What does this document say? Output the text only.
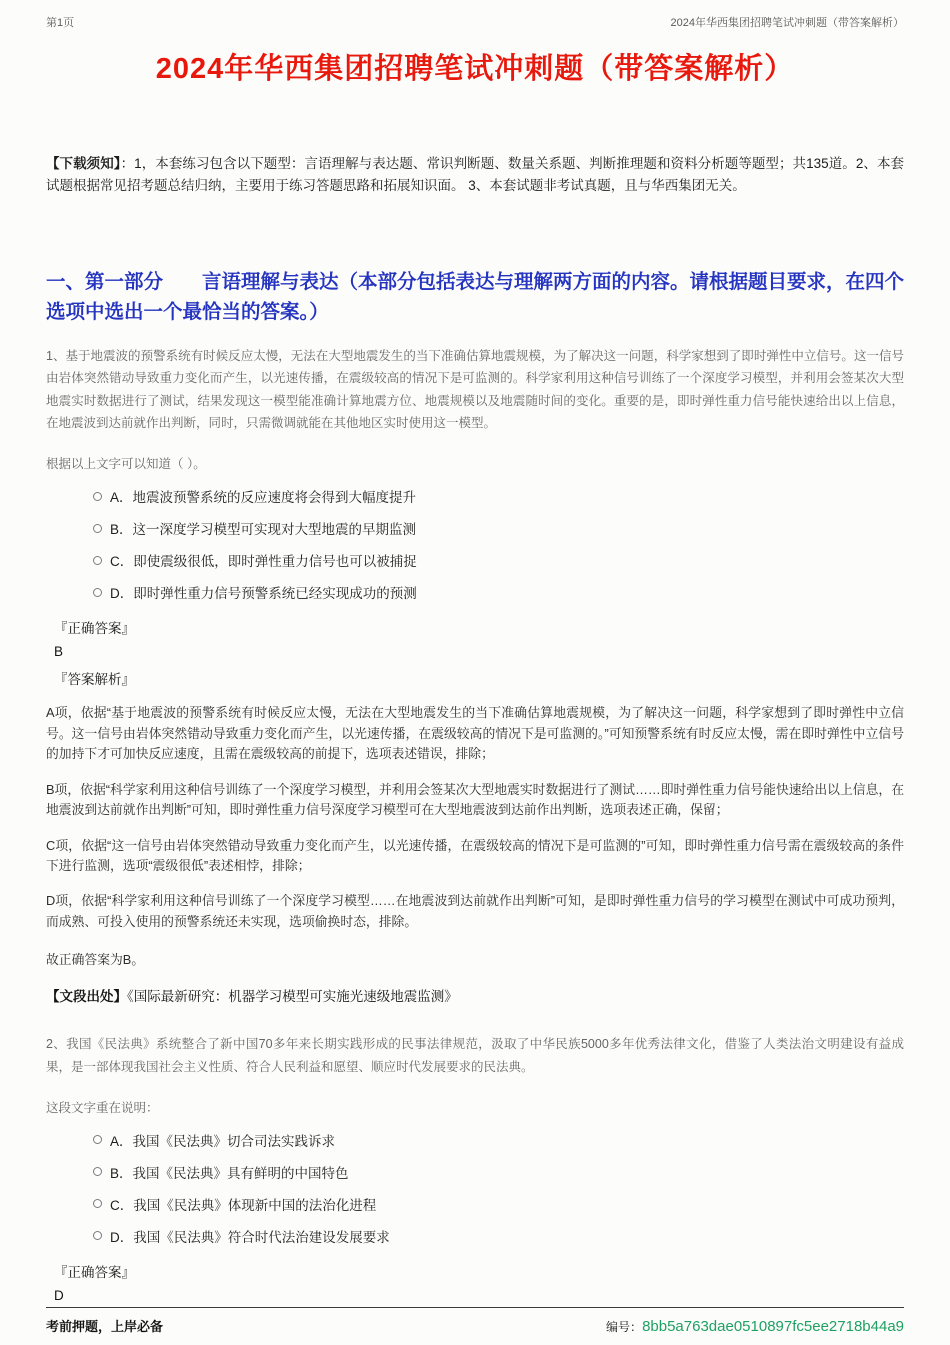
第1页	2024年华西集团招聘笔试冲刺题（带答案解析）
2024年华西集团招聘笔试冲刺题（带答案解析）

【下载须知】：1，本套练习包含以下题型：言语理解与表达题、常识判断题、数量关系题、判断推理题和资料分析题等题型；共135道。2、本套试题根据常见招考题总结归纳，主要用于练习答题思路和拓展知识面。 3、本套试题非考试真题，且与华西集团无关。

一、第一部分　　言语理解与表达（本部分包括表达与理解两方面的内容。请根据题目要求，在四个选项中选出一个最恰当的答案。）

1、基于地震波的预警系统有时候反应太慢，无法在大型地震发生的当下准确估算地震规模，为了解决这一问题，科学家想到了即时弹性中立信号。这一信号由岩体突然错动导致重力变化而产生，以光速传播，在震级较高的情况下是可监测的。科学家利用这种信号训练了一个深度学习模型，并利用会签某次大型地震实时数据进行了测试，结果发现这一模型能准确计算地震方位、地震规模以及地震随时间的变化。重要的是，即时弹性重力信号能快速给出以上信息，在地震波到达前就作出判断，同时，只需微调就能在其他地区实时使用这一模型。

根据以上文字可以知道（ ）。

A． 地震波预警系统的反应速度将会得到大幅度提升
B． 这一深度学习模型可实现对大型地震的早期监测
C． 即使震级很低，即时弹性重力信号也可以被捕捉
D． 即时弹性重力信号预警系统已经实现成功的预测

『正确答案』

B

『答案解析』

A项，依据“基于地震波的预警系统有时候反应太慢，无法在大型地震发生的当下准确估算地震规模，为了解决这一问题，科学家想到了即时弹性中立信号。这一信号由岩体突然错动导致重力变化而产生，以光速传播，在震级较高的情况下是可监测的。”可知预警系统有时反应太慢，需在即时弹性中立信号的加持下才可加快反应速度，且需在震级较高的前提下，选项表述错误，排除；

B项，依据“科学家利用这种信号训练了一个深度学习模型，并利用会签某次大型地震实时数据进行了测试……即时弹性重力信号能快速给出以上信息，在地震波到达前就作出判断”可知，即时弹性重力信号深度学习模型可在大型地震波到达前作出判断，选项表述正确，保留；

C项，依据“这一信号由岩体突然错动导致重力变化而产生，以光速传播，在震级较高的情况下是可监测的”可知，即时弹性重力信号需在震级较高的条件下进行监测，选项“震级很低”表述相悖，排除；

D项，依据“科学家利用这种信号训练了一个深度学习模型……在地震波到达前就作出判断”可知，是即时弹性重力信号的学习模型在测试中可成功预判，而成熟、可投入使用的预警系统还未实现，选项偷换时态，排除。

故正确答案为B。

【文段出处】《国际最新研究：机器学习模型可实施光速级地震监测》

2、我国《民法典》系统整合了新中国70多年来长期实践形成的民事法律规范，汲取了中华民族5000多年优秀法律文化，借鉴了人类法治文明建设有益成果，是一部体现我国社会主义性质、符合人民利益和愿望、顺应时代发展要求的民法典。

这段文字重在说明：

A． 我国《民法典》切合司法实践诉求
B． 我国《民法典》具有鲜明的中国特色
C． 我国《民法典》体现新中国的法治化进程
D． 我国《民法典》符合时代法治建设发展要求

『正确答案』

D

考前押题，上岸必备	编号：8bb5a763dae0510897fc5ee2718b44a9
